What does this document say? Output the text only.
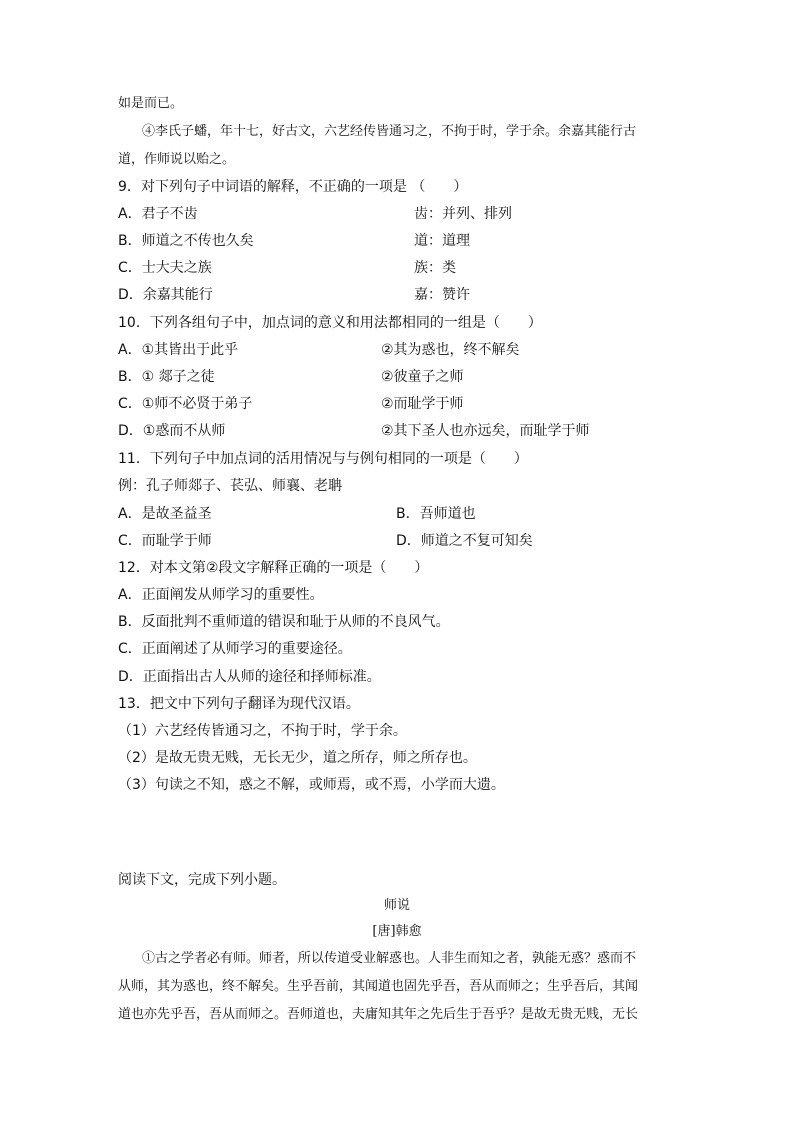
如是而已。
④李氏子蟠，年十七，好古文，六艺经传皆通习之，不拘于时，学于余。余嘉其能行古
道，作师说以贻之。
9．对下列句子中词语的解释，不正确的一项是 （　　）
A．君子不齿	齿：并列、排列
B．师道之不传也久矣	道：道理
C．士大夫之族	族：类
D．余嘉其能行	嘉：赞许
10．下列各组句子中，加点词的意义和用法都相同的一组是（　　）
A．①其皆出于此乎	②其为惑也，终不解矣
B．① 郯子之徒	②彼童子之师
C．①师不必贤于弟子	②而耻学于师
D．①惑而不从师	②其下圣人也亦远矣，而耻学于师
11．下列句子中加点词的活用情况与与例句相同的一项是（　　）
例：孔子师郯子、苌弘、师襄、老聃
A．是故圣益圣	B．吾师道也
C．而耻学于师	D．师道之不复可知矣
12．对本文第②段文字解释正确的一项是（　　）
A．正面阐发从师学习的重要性。
B．反面批判不重师道的错误和耻于从师的不良风气。
C．正面阐述了从师学习的重要途径。
D．正面指出古人从师的途径和择师标准。
13．把文中下列句子翻译为现代汉语。
（1）六艺经传皆通习之，不拘于时，学于余。
（2）是故无贵无贱，无长无少，道之所存，师之所存也。
（3）句读之不知，惑之不解，或师焉，或不焉，小学而大遗。
阅读下文，完成下列小题。
师说
[唐]韩愈
①古之学者必有师。师者，所以传道受业解惑也。人非生而知之者，孰能无惑？惑而不
从师，其为惑也，终不解矣。生乎吾前，其闻道也固先乎吾，吾从而师之；生乎吾后，其闻
道也亦先乎吾，吾从而师之。吾师道也，夫庸知其年之先后生于吾乎？是故无贵无贱，无长
